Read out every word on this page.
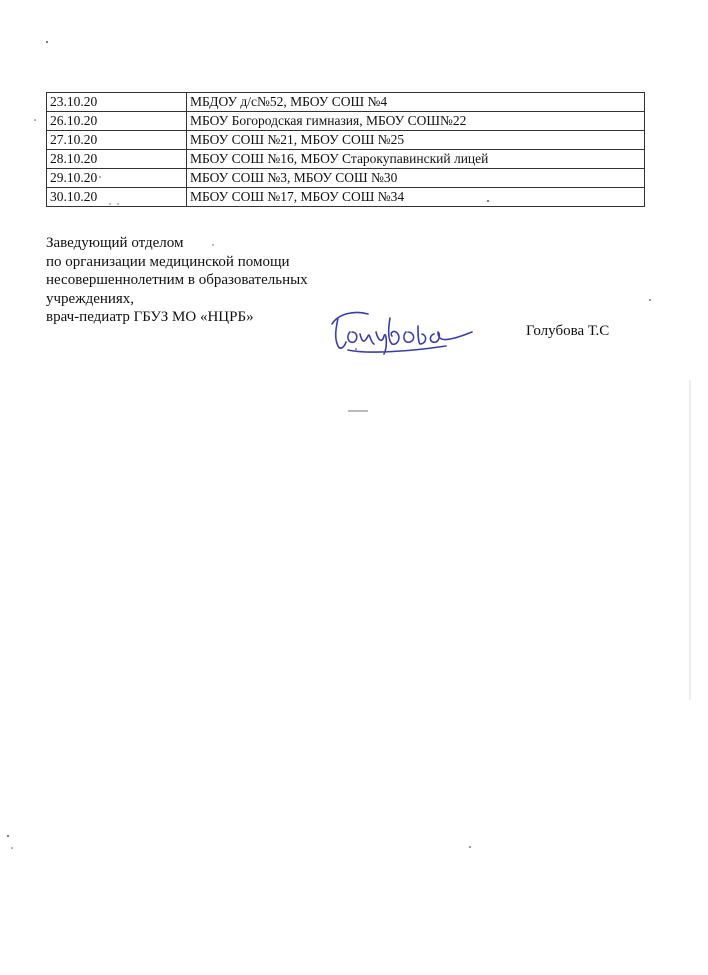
23.10.20	МБДОУ д/с№52, МБОУ СОШ №4
26.10.20	МБОУ Богородская гимназия, МБОУ СОШ№22
27.10.20	МБОУ СОШ №21, МБОУ СОШ №25
28.10.20	МБОУ СОШ №16, МБОУ Старокупавинский лицей
29.10.20	МБОУ СОШ №3, МБОУ СОШ №30
30.10.20	МБОУ СОШ №17, МБОУ СОШ №34
Заведующий отделом
по организации медицинской помощи
несовершеннолетним в образовательных
учреждениях,
врач-педиатр ГБУЗ МО «НЦРБ»
Голубова Т.С
